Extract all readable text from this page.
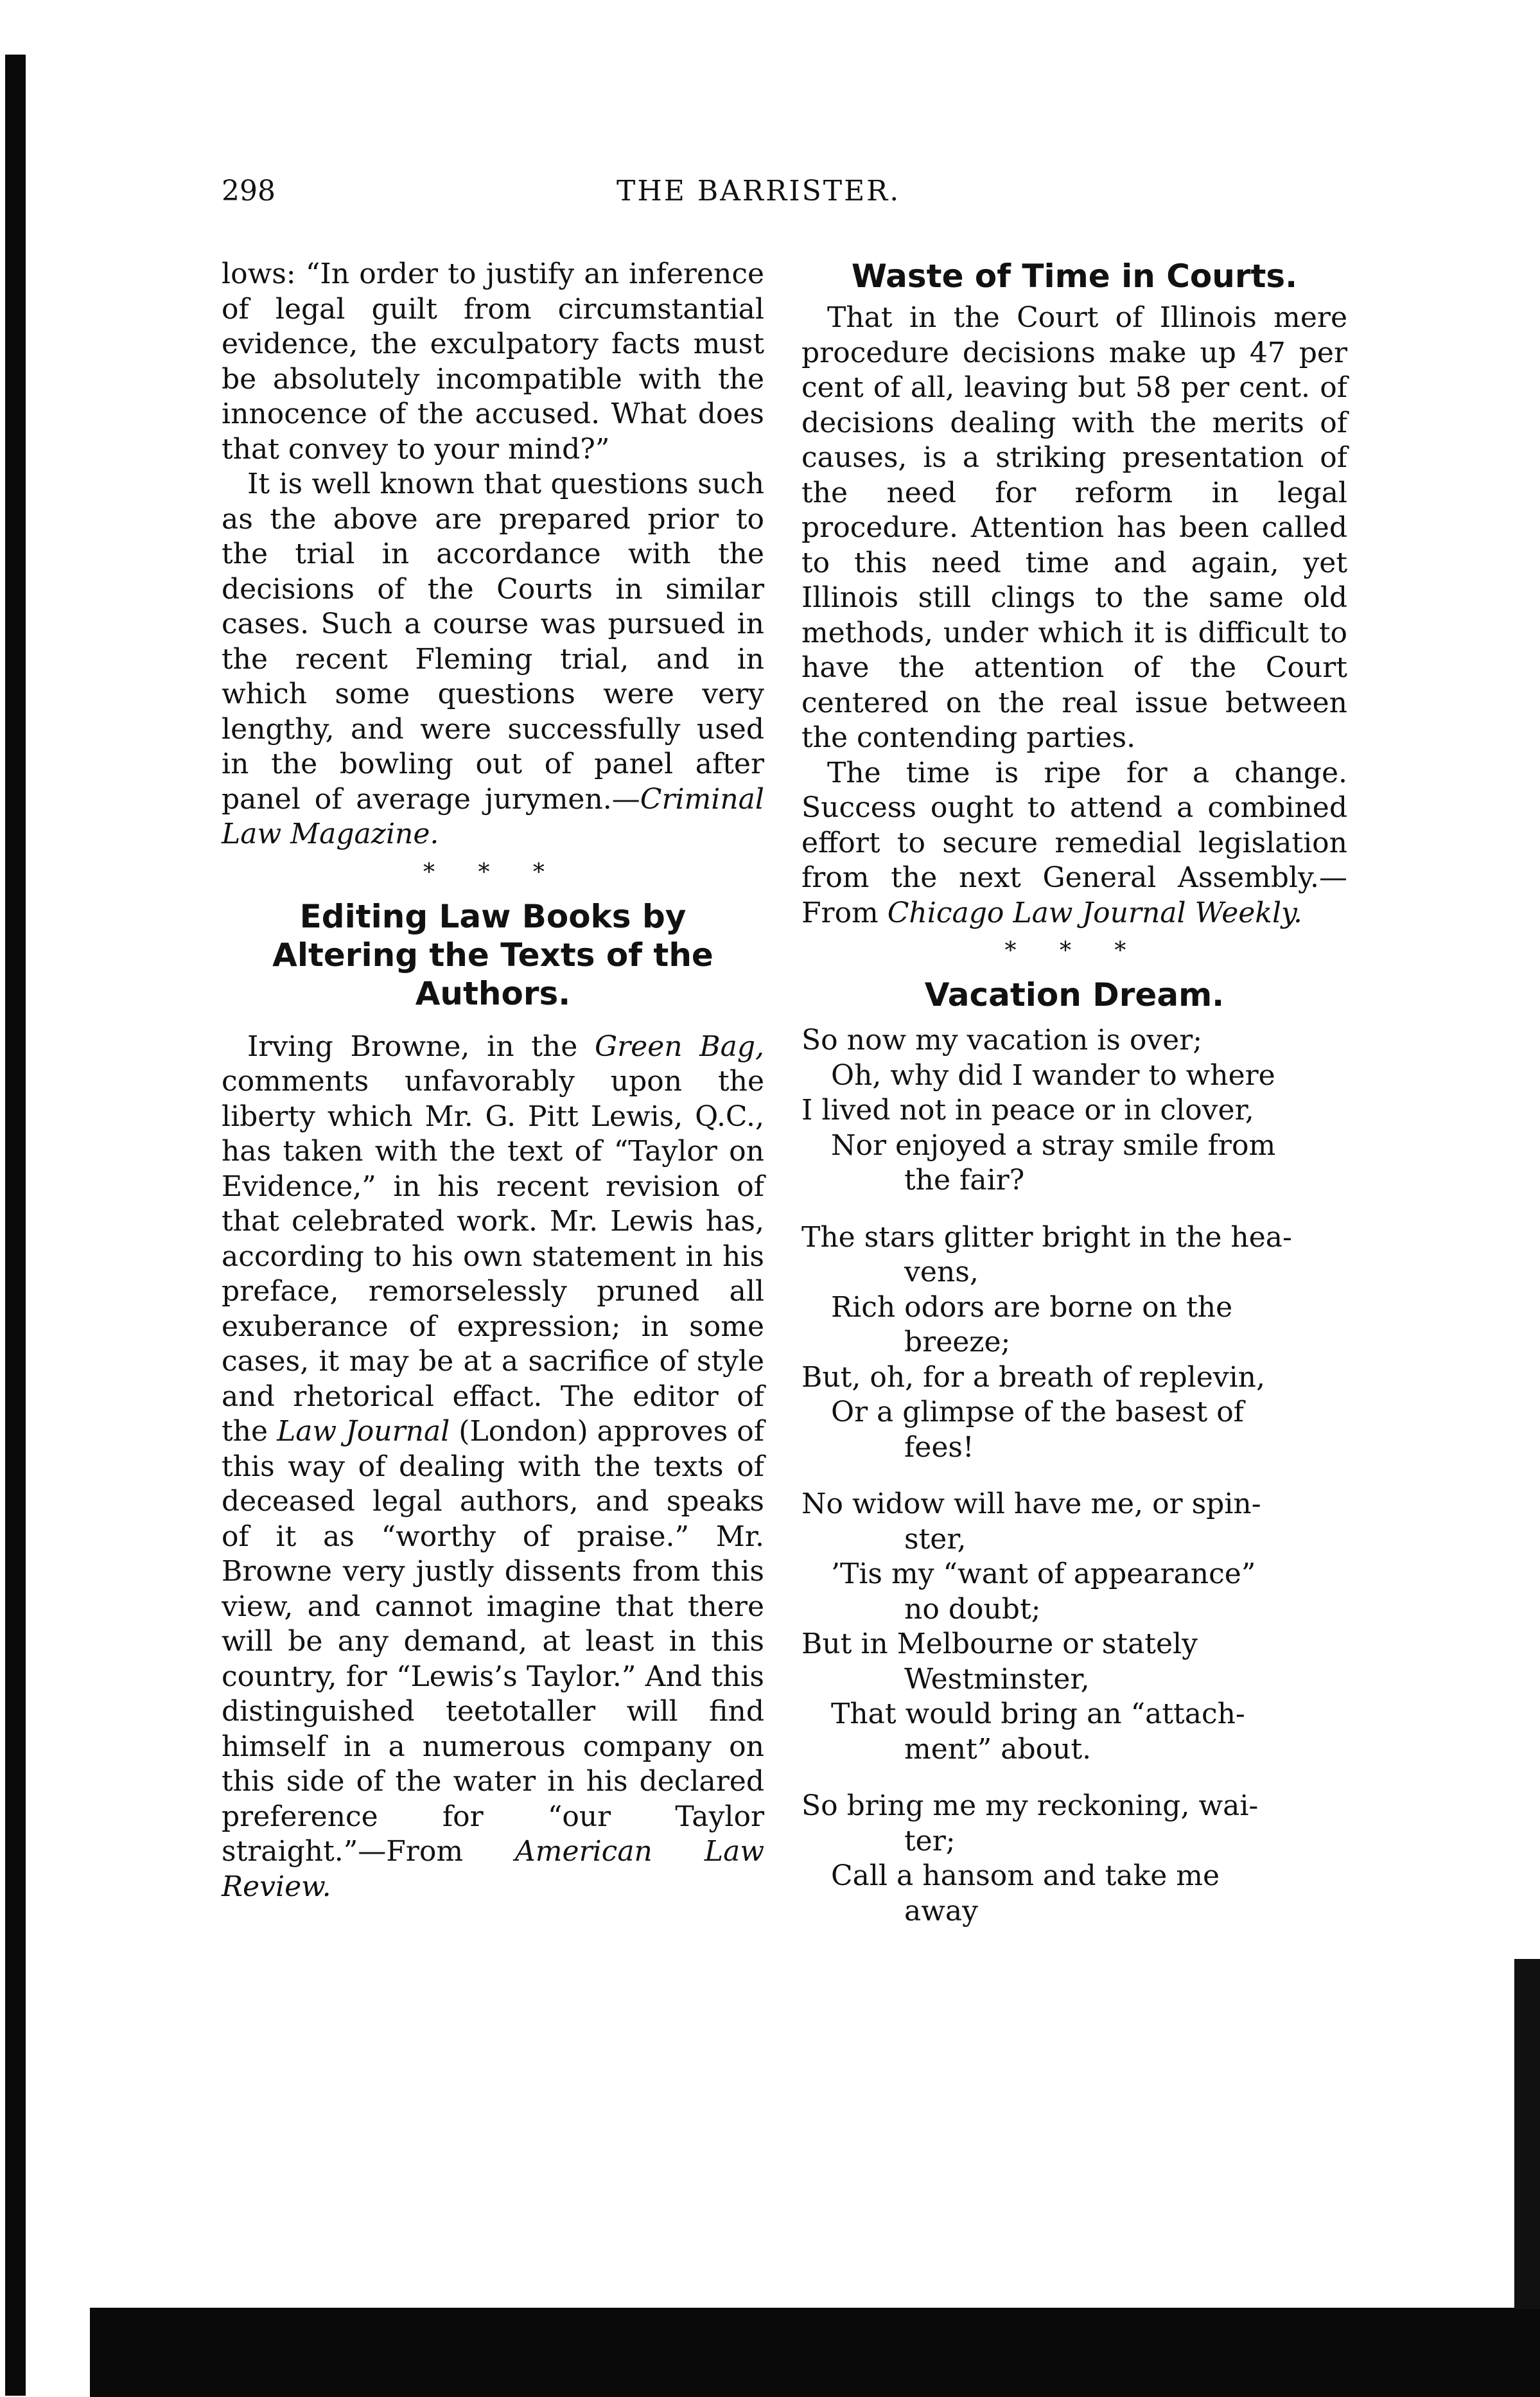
298	THE BARRISTER.

lows: “In order to justify an inference of legal guilt from circumstantial evidence, the exculpatory facts must be absolutely incompatible with the innocence of the accused. What does that convey to your mind?”

It is well known that questions such as the above are prepared prior to the trial in accordance with the decisions of the Courts in similar cases. Such a course was pursued in the recent Fleming trial, and in which some questions were very lengthy, and were successfully used in the bowling out of panel after panel of average jurymen.—Criminal Law Magazine.

* * *
Editing Law Books by Altering the Texts of the Authors.

Irving Browne, in the Green Bag, comments unfavorably upon the liberty which Mr. G. Pitt Lewis, Q.C., has taken with the text of “Taylor on Evidence,” in his recent revision of that celebrated work. Mr. Lewis has, according to his own statement in his preface, remorselessly pruned all exuberance of expression; in some cases, it may be at a sacrifice of style and rhetorical effact. The editor of the Law Journal (London) approves of this way of dealing with the texts of deceased legal authors, and speaks of it as “worthy of praise.” Mr. Browne very justly dissents from this view, and cannot imagine that there will be any demand, at least in this country, for “Lewis’s Taylor.” And this distinguished teetotaller will find himself in a numerous company on this side of the water in his declared preference for “our Taylor straight.”—From American Law Review.

Waste of Time in Courts.

That in the Court of Illinois mere procedure decisions make up 47 per cent of all, leaving but 58 per cent. of decisions dealing with the merits of causes, is a striking presentation of the need for reform in legal procedure. Attention has been called to this need time and again, yet Illinois still clings to the same old methods, under which it is difficult to have the attention of the Court centered on the real issue between the contending parties.

The time is ripe for a change. Success ought to attend a combined effort to secure remedial legislation from the next General Assembly.—From Chicago Law Journal Weekly.

* * *
Vacation Dream.
So now my vacation is over;
Oh, why did I wander to where
I lived not in peace or in clover,
Nor enjoyed a stray smile from
the fair?
The stars glitter bright in the hea-
vens,
Rich odors are borne on the
breeze;
But, oh, for a breath of replevin,
Or a glimpse of the basest of
fees!
No widow will have me, or spin-
ster,
’Tis my “want of appearance”
no doubt;
But in Melbourne or stately
Westminster,
That would bring an “attach-
ment” about.
So bring me my reckoning, wai-
ter;
Call a hansom and take me
away
